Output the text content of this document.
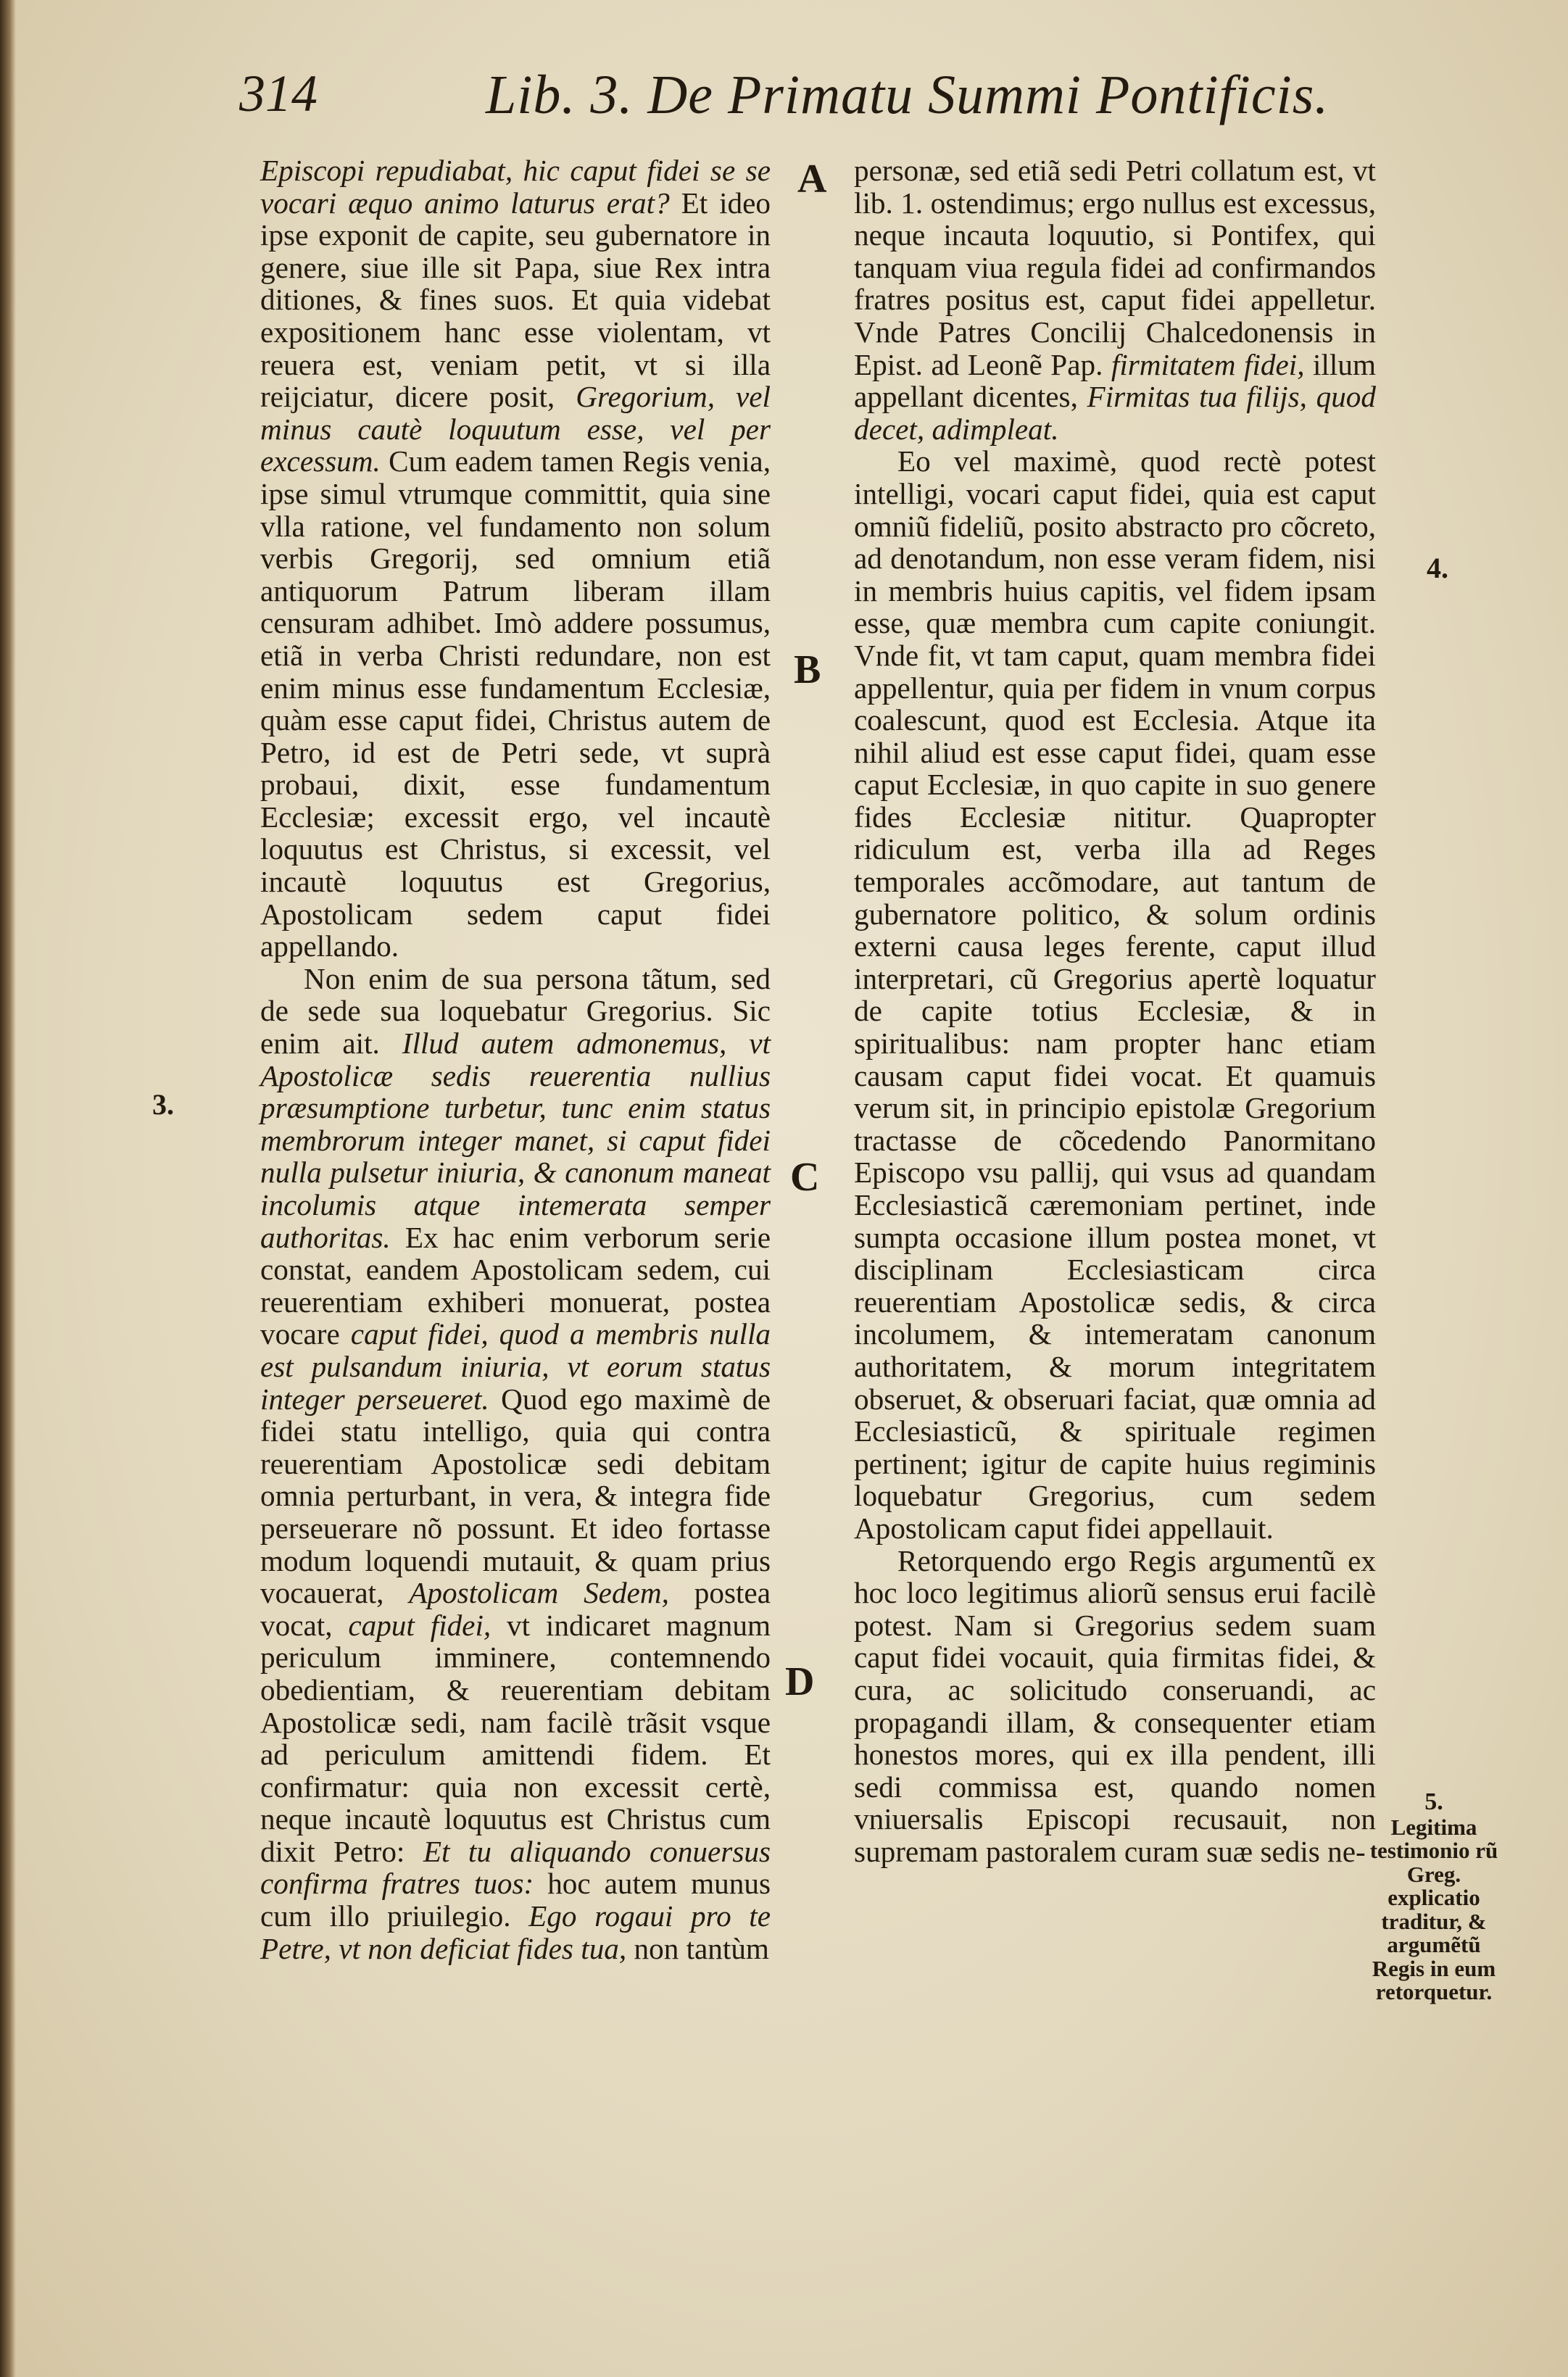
314	Lib. 3. De Primatu Summi Pontificis.

Episcopi repudiabat, hic caput fidei se se vocari æquo animo laturus erat? Et ideo ipse exponit de capite, seu gubernatore in genere, siue ille sit Papa, siue Rex intra ditiones, & fines suos. Et quia videbat expositionem hanc esse violentam, vt reuera est, veniam petit, vt si illa reijciatur, dicere posit, Gregorium, vel minus cautè loquutum esse, vel per excessum. Cum eadem tamen Regis venia, ipse simul vtrumque committit, quia sine vlla ratione, vel fundamento non solum verbis Gregorij, sed omnium etiã antiquorum Patrum liberam illam censuram adhibet. Imò addere possumus, etiã in verba Christi redundare, non est enim minus esse fundamentum Ecclesiæ, quàm esse caput fidei, Christus autem de Petro, id est de Petri sede, vt suprà probaui, dixit, esse fundamentum Ecclesiæ; excessit ergo, vel incautè loquutus est Christus, si excessit, vel incautè loquutus est Gregorius, Apostolicam sedem caput fidei appellando.

Non enim de sua persona tãtum, sed de sede sua loquebatur Gregorius. Sic enim ait. Illud autem admonemus, vt Apostolicæ sedis reuerentia nullius præsumptione turbetur, tunc enim status membrorum integer manet, si caput fidei nulla pulsetur iniuria, & canonum maneat incolumis atque intemerata semper authoritas. Ex hac enim verborum serie constat, eandem Apostolicam sedem, cui reuerentiam exhiberi monuerat, postea vocare caput fidei, quod a membris nulla est pulsandum iniuria, vt eorum status integer perseueret. Quod ego maximè de fidei statu intelligo, quia qui contra reuerentiam Apostolicæ sedi debitam omnia perturbant, in vera, & integra fide perseuerare nõ possunt. Et ideo fortasse modum loquendi mutauit, & quam prius vocauerat, Apostolicam Sedem, postea vocat, caput fidei, vt indicaret magnum periculum imminere, contemnendo obedientiam, & reuerentiam debitam Apostolicæ sedi, nam facilè trãsit vsque ad periculum amittendi fidem. Et confirmatur: quia non excessit certè, neque incautè loquutus est Christus cum dixit Petro: Et tu aliquando conuersus confirma fratres tuos: hoc autem munus cum illo priuilegio. Ego rogaui pro te Petre, vt non deficiat fides tua, non tantùm

personæ, sed etiã sedi Petri collatum est, vt lib. 1. ostendimus; ergo nullus est excessus, neque incauta loquutio, si Pontifex, qui tanquam viua regula fidei ad confirmandos fratres positus est, caput fidei appelletur. Vnde Patres Concilij Chalcedonensis in Epist. ad Leonẽ Pap. firmitatem fidei, illum appellant dicentes, Firmitas tua filijs, quod decet, adimpleat.

Eo vel maximè, quod rectè potest intelligi, vocari caput fidei, quia est caput omniũ fideliũ, posito abstracto pro cõcreto, ad denotandum, non esse veram fidem, nisi in membris huius capitis, vel fidem ipsam esse, quæ membra cum capite coniungit. Vnde fit, vt tam caput, quam membra fidei appellentur, quia per fidem in vnum corpus coalescunt, quod est Ecclesia. Atque ita nihil aliud est esse caput fidei, quam esse caput Ecclesiæ, in quo capite in suo genere fides Ecclesiæ nititur. Quapropter ridiculum est, verba illa ad Reges temporales accõmodare, aut tantum de gubernatore politico, & solum ordinis externi causa leges ferente, caput illud interpretari, cũ Gregorius apertè loquatur de capite totius Ecclesiæ, & in spiritualibus: nam propter hanc etiam causam caput fidei vocat. Et quamuis verum sit, in principio epistolæ Gregorium tractasse de cõcedendo Panormitano Episcopo vsu pallij, qui vsus ad quandam Ecclesiasticã cæremoniam pertinet, inde sumpta occasione illum postea monet, vt disciplinam Ecclesiasticam circa reuerentiam Apostolicæ sedis, & circa incolumem, & intemeratam canonum authoritatem, & morum integritatem obseruet, & obseruari faciat, quæ omnia ad Ecclesiasticũ, & spirituale regimen pertinent; igitur de capite huius regiminis loquebatur Gregorius, cum sedem Apostolicam caput fidei appellauit.

Retorquendo ergo Regis argumentũ ex hoc loco legitimus aliorũ sensus erui facilè potest. Nam si Gregorius sedem suam caput fidei vocauit, quia firmitas fidei, & cura, ac solicitudo conseruandi, ac propagandi illam, & consequenter etiam honestos mores, qui ex illa pendent, illi sedi commissa est, quando nomen vniuersalis Episcopi recusauit, non supremam pastoralem curam suæ sedis ne-

A
B
C
D
3.
4.
5.
Legitima testimonio rũ Greg. explicatio traditur, & argumẽtũ Regis in eum retorquetur.
